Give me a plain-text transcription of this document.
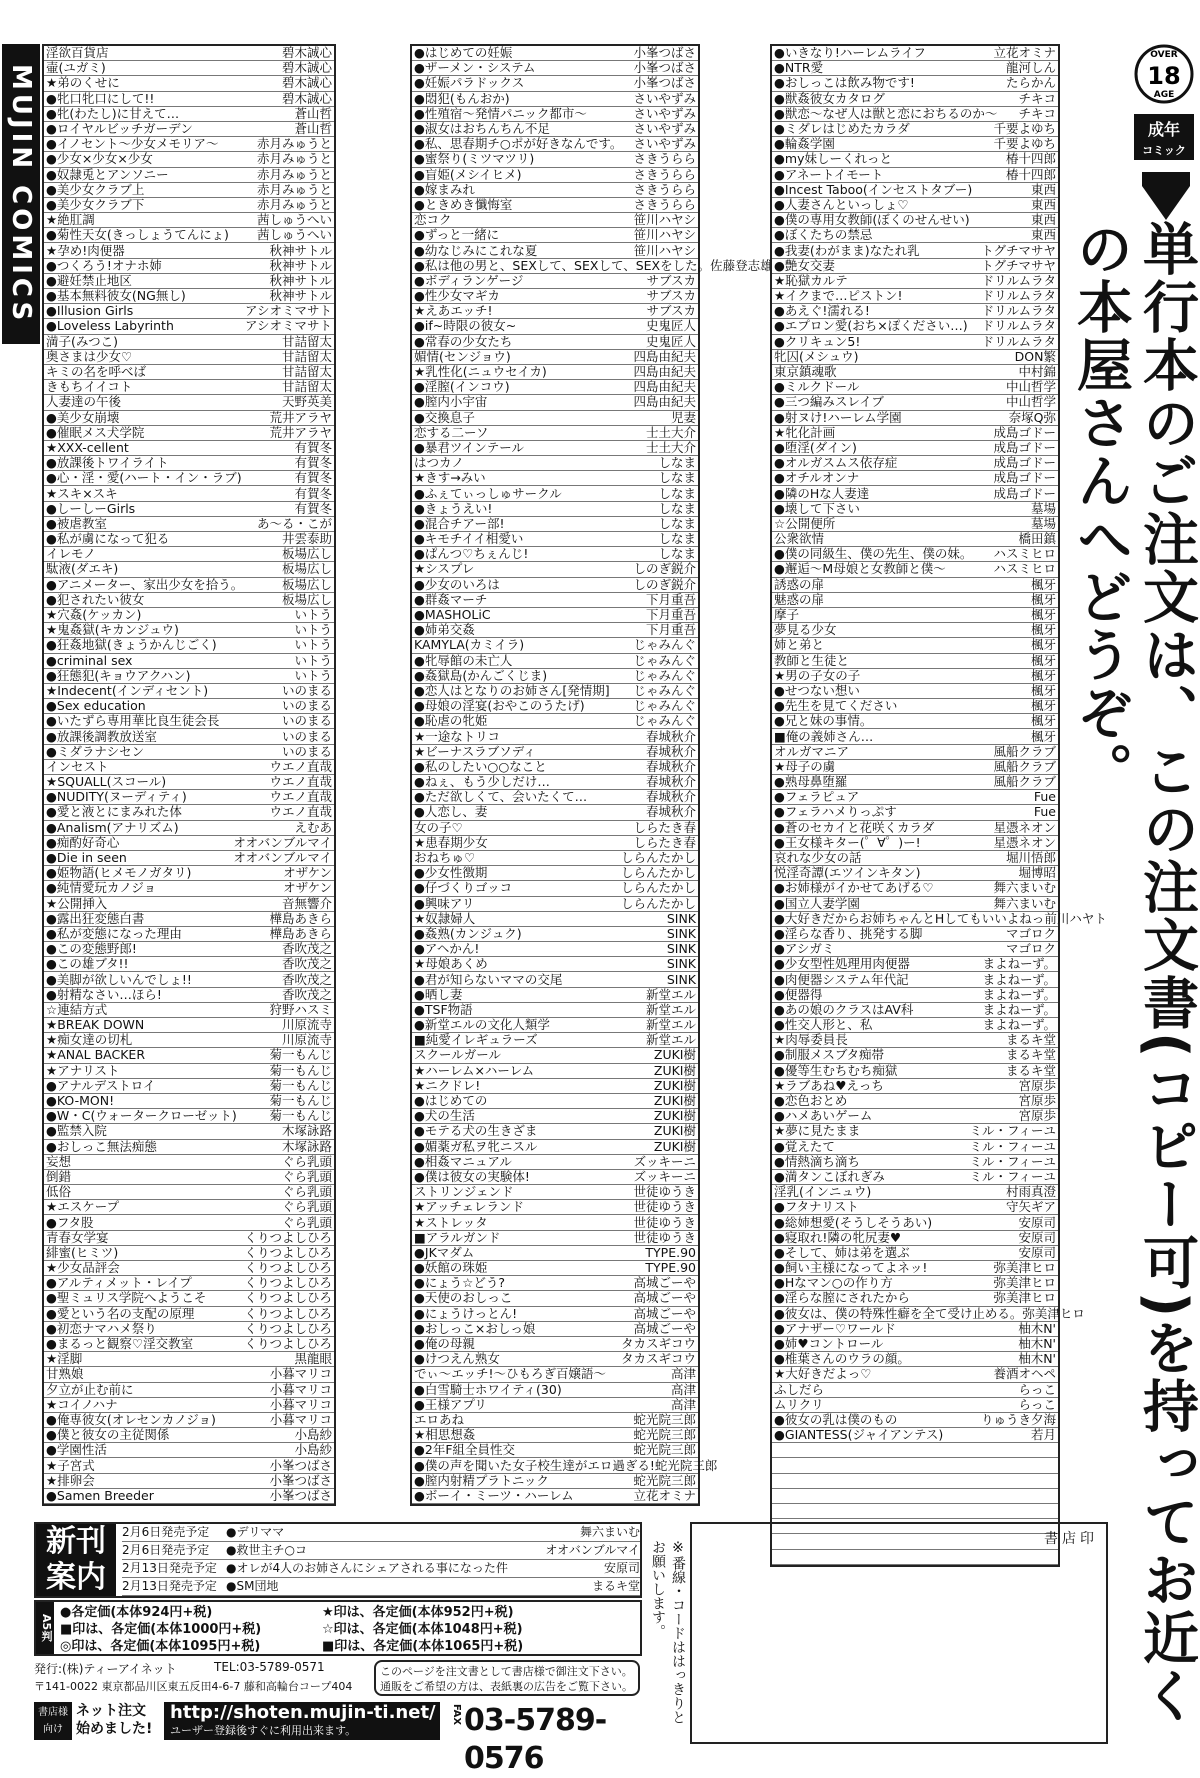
MUJIN COMICS
淫欲百貨店	碧木誠心
壷(ユガミ)	碧木誠心
★弟のくせに	碧木誠心
●牝口牝口にして!!	碧木誠心
●牝(わたし)に甘えて…	蒼山哲
●ロイヤルビッチガーデン	蒼山哲
●イノセント〜少女メモリア〜	赤月みゅうと
●少女×少女×少女	赤月みゅうと
●奴隷兎とアンソニー	赤月みゅうと
●美少女クラブ上	赤月みゅうと
●美少女クラブ下	赤月みゅうと
★絶肛調	茜しゅうへい
●菊性天女(きっしょうてんにょ)	茜しゅうへい
★孕め!肉便器	秋神サトル
●つくろう!オナホ姉	秋神サトル
●避妊禁止地区	秋神サトル
●基本無料彼女(NG無し)	秋神サトル
●Illusion Girls	アシオミマサト
●Loveless Labyrinth	アシオミマサト
満子(みつこ)	甘詰留太
奥さまは少女♡	甘詰留太
キミの名を呼べば	甘詰留太
きもちイイコト	甘詰留太
人妻達の午後	天野英美
●美少女崩壊	荒井アラヤ
●催眠メス犬学院	荒井アラヤ
★XXX-cellent	有賀冬
●放課後トワイライト	有賀冬
●心・淫・愛(ハート・イン・ラブ)	有賀冬
★スキ×スキ	有賀冬
●しーしーGirls	有賀冬
●被虐教室	あ〜る・こが
●私が虜になって犯る	井雲泰助
イレモノ	板場広し
駄液(ダエキ)	板場広し
●アニメーター、家出少女を拾う。	板場広し
●犯されたい彼女	板場広し
★穴姦(ケッカン)	いトう
★鬼姦獄(キカンジュウ)	いトう
●狂姦地獄(きょうかんじごく)	いトう
●criminal sex	いトう
●狂態犯(キョウアクハン)	いトう
★Indecent(インディセント)	いのまる
●Sex education	いのまる
●いたずら専用華比良生徒会長	いのまる
●放課後調教放送室	いのまる
●ミダラナシセン	いのまる
インセスト	ウエノ直哉
★SQUALL(スコール)	ウエノ直哉
●NUDITY(ヌーディティ)	ウエノ直哉
●愛と液とにまみれた体	ウエノ直哉
●Analism(アナリズム)	えむあ
●痴酌好奇心	オオバンブルマイ
●Die in seen	オオバンブルマイ
●姫物語(ヒメモノガタリ)	オザケン
●純情愛玩カノジョ	オザケン
★公開挿入	音無響介
●露出狂変態白書	樺島あきら
●私が変態になった理由	樺島あきら
●この変態野郎!	香吹茂之
●この雄ブタ!!	香吹茂之
●美脚が欲しいんでしょ!!	香吹茂之
●射精なさい…ほら!	香吹茂之
☆連結方式	狩野ハスミ
★BREAK DOWN	川原流寺
★痴女達の切札	川原流寺
★ANAL BACKER	菊一もんじ
★アナリスト	菊一もんじ
●アナルデストロイ	菊一もんじ
●KO-MON!	菊一もんじ
●W・C(ウォータークローゼット)	菊一もんじ
●監禁入院	木塚詠路
●おしっこ無法痴態	木塚詠路
妄想	ぐら乳頭
倒錯	ぐら乳頭
低俗	ぐら乳頭
★エスケープ	ぐら乳頭
●フタ股	ぐら乳頭
青春女学宴	くりつよしひろ
緋蜜(ヒミツ)	くりつよしひろ
★少女品評会	くりつよしひろ
●アルティメット・レイプ	くりつよしひろ
●聖ミュリス学院へようこそ	くりつよしひろ
●愛という名の支配の原理	くりつよしひろ
●初恋ナマハメ祭り	くりつよしひろ
●まるっと観察♡淫交教室	くりつよしひろ
★淫脚	黒龍眼
甘熟娘	小暮マリコ
夕立が止む前に	小暮マリコ
★コイノハナ	小暮マリコ
●俺専彼女(オレセンカノジョ)	小暮マリコ
●僕と彼女の主従関係	小島紗
●学園性活	小島紗
★子宮式	小峯つばさ
★排卵会	小峯つばさ
●Samen Breeder	小峯つばさ
●はじめての妊娠	小峯つばさ
●ザーメン・システム	小峯つばさ
●妊娠パラドックス	小峯つばさ
●悶犯(もんおか)	さいやずみ
●性殖宿〜発情パニック都市〜	さいやずみ
●淑女はおちんちん不足	さいやずみ
●私、思春期チ○ポが好きなんです。 さいやずみ
●蜜祭り(ミツマツリ)	さきうらら
●盲姫(メシイヒメ)	さきうらら
●嫁まみれ	さきうらら
●ときめき懺悔室	さきうらら
恋コク	笹川ハヤシ
●ずっと一緒に	笹川ハヤシ
●幼なじみにこれな夏	笹川ハヤシ
●私は他の男と、SEXして、SEXして、SEXをした。 佐藤登志雄
●ボディランゲージ	サブスカ
●性少女マギカ	サブスカ
★えあエッチ!	サブスカ
●if~時限の彼女~	史鬼匠人
●常春の少女たち	史鬼匠人
媚情(センジョウ)	四島由紀夫
★乳性化(ニュウセイカ)	四島由紀夫
●淫膣(インコウ)	四島由紀夫
●膣内小宇宙	四島由紀夫
●交換息子	児妻
恋する二ーソ	士土大介
●暴君ツインテール	士土大介
はつカノ	しなま
★きす→みい	しなま
●ふぇてぃっしゅサークル	しなま
●きょうえい!	しなま
●混合チアー部!	しなま
●キモチイイ相愛い	しなま
●ぱんつ♡ちぇんじ!	しなま
★シスプレ	しのぎ鋭介
●少女のいろは	しのぎ鋭介
●群姦マーチ	下月重吾
●MASHOLiC	下月重吾
●姉弟交姦	下月重吾
KAMYLA(カミイラ)	じゃみんぐ
●牝辱館の未亡人	じゃみんぐ
●姦獄島(かんごくじま)	じゃみんぐ
●恋人はとなりのお姉さん[発情期]	じゃみんぐ
●母娘の淫宴(おやこのうたげ)	じゃみんぐ
●恥虐の牝姫	じゃみんぐ
★一途なトリコ	春城秋介
★ビーナスラブソディ	春城秋介
●私のしたい○○なこと	春城秋介
●ねぇ、もう少しだけ…	春城秋介
●ただ欲しくて、会いたくて…	春城秋介
●人恋し、妻	春城秋介
女の子♡	しらたき春
★患春期少女	しらたき春
おねちゅ♡	しらんたかし
●少女性徴期	しらんたかし
●仔づくりゴッコ	しらんたかし
●興味アリ	しらんたかし
★奴隷婦人	SINK
●姦熟(カンジュク)	SINK
●アヘかん!	SINK
★母娘あくめ	SINK
●君が知らないママの交尾	SINK
●晒し妻	新堂エル
●TSF物語	新堂エル
●新堂エルの文化人類学	新堂エル
■純愛イレギュラーズ	新堂エル
スクールガール	ZUKI樹
★ハーレム×ハーレム	ZUKI樹
★ニクドレ!	ZUKI樹
●はじめての	ZUKI樹
●犬の生活	ZUKI樹
●モテる犬の生きざま	ZUKI樹
●媚薬ガ私ヲ牝ニスル	ZUKI樹
●相姦マニュアル	ズッキーニ
●僕は彼女の実験体!	ズッキーニ
ストリンジェンド	世徒ゆうき
★アッチェレランド	世徒ゆうき
★ストレッタ	世徒ゆうき
■アラルガンド	世徒ゆうき
●JKマダム	TYPE.90
●妖館の珠姫	TYPE.90
●にょう☆どう?	高城ごーや
●天使のおしっこ	高城ごーや
●にょうけっとん!	高城ごーや
●おしっこ×おしっ娘	高城ごーや
●俺の母親	タカスギコウ
●けつえん熟女	タカスギコウ
でぃ〜エッチ!〜ひもろぎ百嬢語〜	高津
●白雪騎士ホワイティ(30)	高津
●王様アプリ	高津
エロあね	蛇光院三郎
★相思想姦	蛇光院三郎
●2年F組全員性交	蛇光院三郎
●僕の声を聞いた女子校生達がエロ過ぎる! 蛇光院三郎
●膣内射精プラトニック	蛇光院三郎
●ボーイ・ミーツ・ハーレム	立花オミナ
●いきなり!ハーレムライフ	立花オミナ
●NTR愛	龍河しん
●おしっこは飲み物です!	たらかん
●獣姦彼女カタログ	チキコ
●獣恋〜なぜ人は獣と恋におちるのか〜	チキコ
●ミダレはじめたカラダ	千要よゆち
●輪姦学園	千要よゆち
●my妹しーくれっと	椿十四郎
●アネートイモート	椿十四郎
●Incest Taboo(インセストタブー)	東西
●人妻さんといっしょ♡	東西
●僕の専用女教師(ぼくのせんせい)	東西
●ぼくたちの禁忌	東西
●我妻(わがまま)なたれ乳	トグチマサヤ
●艶女交妻	トグチマサヤ
★恥獄カルテ	ドリルムラタ
★イクまで…ピストン!	ドリルムラタ
●あえぐ!濡れる!	ドリルムラタ
●エプロン愛(おち×ぽください…)	ドリルムラタ
●クリキュン5!	ドリルムラタ
牝囚(メシュウ)	DON繁
東京鎮魂歌	中村錦
●ミルクドール	中山哲学
●三つ編みスレイブ	中山哲学
●射ヌけ!ハーレム学園	奈塚Q弥
★牝化計画	成島ゴドー
●堕淫(ダイン)	成島ゴドー
●オルガスムス依存症	成島ゴドー
●オチルオンナ	成島ゴドー
●隣のHな人妻達	成島ゴドー
●壊して下さい	墓場
☆公開便所	墓場
公衆欲情	橋田鎮
●僕の同級生、僕の先生、僕の妹。	ハスミヒロ
●邂逅〜M母娘と女教師と僕〜	ハスミヒロ
誘惑の扉	楓牙
魅惑の扉	楓牙
摩子	楓牙
夢見る少女	楓牙
姉と弟と	楓牙
教師と生徒と	楓牙
★男の子女の子	楓牙
●せつない想い	楓牙
●先生を見てください	楓牙
●兄と妹の事情。	楓牙
■俺の義姉さん…	楓牙
オルガマニア	風船クラブ
★母子の虜	風船クラブ
●熟母鼻堕羅	風船クラブ
●フェラピュア	Fue
●フェラハメりっぷす	Fue
●蒼のセカイと花咲くカラダ	星憑ネオン
●王女様キター(゜∀゜)ー!	星憑ネオン
哀れな少女の話	堀川悟郎
悦淫奇譚(エツインキタン)	堀博昭
●お姉様がイかせてあげる♡	舞六まいむ
●国立人妻学園	舞六まいむ
●大好きだからお姉ちゃんとHしてもいいよねっ 前川ハヤト
●淫らな香り、挑発する脚	マゴロク
●アシガミ	マゴロク
●少女型性処理用肉便器	まよねーず。
●肉便器システム年代記	まよねーず。
●便器得	まよねーず。
●あの娘のクラスはAV科	まよねーず。
●性交人形と、私	まよねーず。
★肉辱委員長	まるキ堂
●制服メスブタ痴帯	まるキ堂
●優等生むちむち痴獄	まるキ堂
★ラブあね♥えっち	宮原歩
●恋色おとめ	宮原歩
●ハメあいゲーム	宮原歩
★夢に見たまま	ミル・フィーユ
●覚えたて	ミル・フィーユ
●情熱滴ち滴ち	ミル・フィーユ
●満タンこぼれぎみ	ミル・フィーユ
淫乳(インニュウ)	村雨真澄
●フタナリスト	守矢ギア
●総姉想愛(そうしそうあい)	安原司
●寝取れ!隣の牝尻妻♥	安原司
●そして、姉は弟を選ぶ	安原司
●飼い主様になってよネッ!	弥美津ヒロ
●Hなマン○の作り方	弥美津ヒロ
●淫らな膣にされたから	弥美津ヒロ
●彼女は、僕の特殊性癖を全て受け止める。 弥美津ヒロ
●アナザー♡ワールド	柚木N'
●姉♥コントロール	柚木N'
●椎葉さんのウラの顔。	柚木N'
★大好きだよっ♡	養酒オヘペ
ふしだら	らっこ
ムリクリ	らっこ
●彼女の乳は僕のもの	りゅうき夕海
●GIANTESS(ジャイアンテス)	若月
OVER
18
AGE
成年
コミック
単行本のご注文は、この注文書(コピー可)を持ってお近くの本屋さんへどうぞ。
新刊
案内
2月6日発売予定	●デリママ	舞六まいむ
2月6日発売予定	●救世主チ○コ	オオバンブルマイ
2月13日発売予定 ●オレが4人のお姉さんにシェアされる事になった件	安原司
2月13日発売予定 ●SM団地	まるキ堂
A5判
●各定価(本体924円+税)	★印は、各定価(本体952円+税)
■印は、各定価(本体1000円+税)	☆印は、各定価(本体1048円+税)
◎印は、各定価(本体1095円+税)	■印は、各定価(本体1065円+税)
発行:(株)ティーアイネット	TEL:03-5789-0571
〒141-0022 東京都品川区東五反田4-6-7 藤和高輪台コープ404
このページを注文書として書店様で御注文下さい。通販をご希望の方は、表紙裏の広告をご覧下さい。
書店様
向け
ネット注文
始めました!
http://shoten.mujin-ti.net/
ユーザー登録後すぐに利用出来ます。
FAX 03-5789-0576
※番線・コードははっきりとお願いします。
書店印
